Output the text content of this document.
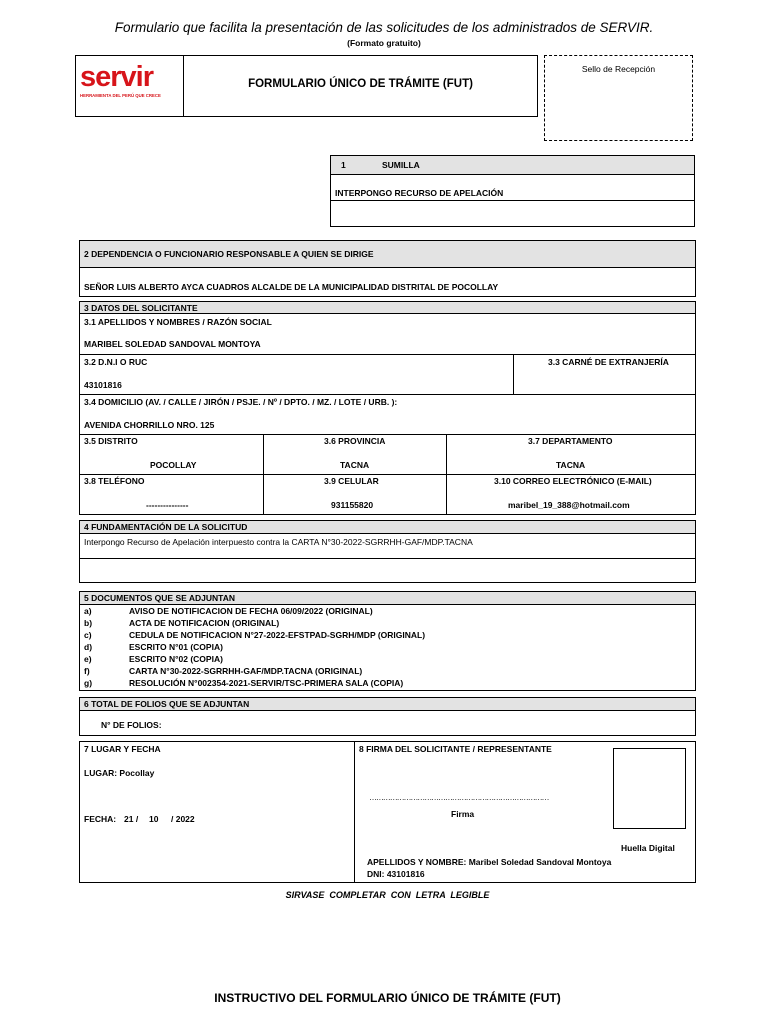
Formulario que facilita la presentación de las solicitudes de los administrados de SERVIR.
(Formato gratuito)
servir
HERRAMIENTA DEL PERÚ QUE CRECE
FORMULARIO ÚNICO DE TRÁMITE (FUT)
Sello de Recepción
1	SUMILLA
INTERPONGO RECURSO DE APELACIÓN
2 DEPENDENCIA O FUNCIONARIO RESPONSABLE A QUIEN SE DIRIGE
SEÑOR LUIS ALBERTO AYCA CUADROS ALCALDE DE LA MUNICIPALIDAD DISTRITAL DE POCOLLAY
3 DATOS DEL SOLICITANTE
3.1 APELLIDOS Y NOMBRES / RAZÓN SOCIAL
MARIBEL SOLEDAD SANDOVAL MONTOYA
3.2 D.N.I O RUC
43101816
3.3 CARNÉ DE EXTRANJERÍA
3.4 DOMICILIO (AV. / CALLE / JIRÓN / PSJE. / Nº / DPTO. / MZ. / LOTE / URB. ):
AVENIDA CHORRILLO NRO. 125
3.5 DISTRITO
POCOLLAY
3.6 PROVINCIA
TACNA
3.7 DEPARTAMENTO
TACNA
3.8 TELÉFONO
---------------
3.9 CELULAR
931155820
3.10 CORREO ELECTRÓNICO (E-MAIL)
maribel_19_388@hotmail.com
4 FUNDAMENTACIÓN DE LA SOLICITUD
Interpongo Recurso de Apelación interpuesto contra la CARTA N°30-2022-SGRRHH-GAF/MDP.TACNA
5 DOCUMENTOS QUE SE ADJUNTAN
a)	AVISO DE NOTIFICACION DE FECHA 06/09/2022 (ORIGINAL)
b)	ACTA DE NOTIFICACION (ORIGINAL)
c)	CEDULA DE NOTIFICACION N°27-2022-EFSTPAD-SGRH/MDP (ORIGINAL)
d)	ESCRITO N°01 (COPIA)
e)	ESCRITO N°02 (COPIA)
f)	CARTA N°30-2022-SGRRHH-GAF/MDP.TACNA (ORIGINAL)
g)	RESOLUCIÓN N°002354-2021-SERVIR/TSC-PRIMERA SALA (COPIA)
6 TOTAL DE FOLIOS QUE SE ADJUNTAN
N° DE FOLIOS:
7 LUGAR Y FECHA
LUGAR: Pocollay
FECHA: 21 / 10 / 2022
8 FIRMA DEL SOLICITANTE / REPRESENTANTE
……………………………………………………………………
Firma
Huella Digital
APELLIDOS Y NOMBRE: Maribel Soledad Sandoval Montoya
DNI: 43101816
SIRVASE  COMPLETAR  CON  LETRA  LEGIBLE
INSTRUCTIVO DEL FORMULARIO ÚNICO DE TRÁMITE (FUT)
